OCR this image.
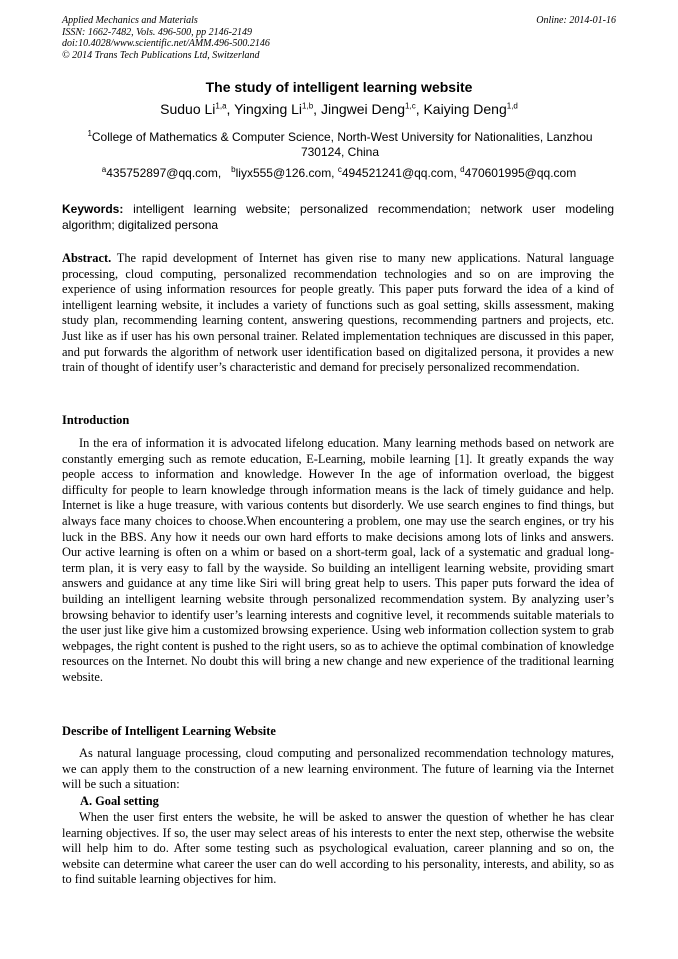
Applied Mechanics and Materials
ISSN: 1662-7482, Vols. 496-500, pp 2146-2149
doi:10.4028/www.scientific.net/AMM.496-500.2146
© 2014 Trans Tech Publications Ltd, Switzerland
Online: 2014-01-16
The study of intelligent learning website
Suduo Li$^{1,a}$, Yingxing Li$^{1,b}$, Jingwei Deng$^{1,c}$, Kaiying Deng$^{1,d}$
$^1$College of Mathematics & Computer Science, North-West University for Nationalities, Lanzhou 730124, China
$^a$435752897@qq.com, $^b$liyx555@126.com, $^c$494521241@qq.com, $^d$470601995@qq.com
Keywords: intelligent learning website; personalized recommendation; network user modeling algorithm; digitalized persona
Abstract. The rapid development of Internet has given rise to many new applications. Natural language processing, cloud computing, personalized recommendation technologies and so on are improving the experience of using information resources for people greatly. This paper puts forward the idea of a kind of intelligent learning website, it includes a variety of functions such as goal setting, skills assessment, making study plan, recommending learning content, answering questions, recommending partners and projects, etc. Just like as if user has his own personal trainer. Related implementation techniques are discussed in this paper, and put forwards the algorithm of network user identification based on digitalized persona, it provides a new train of thought of identify user’s characteristic and demand for precisely personalized recommendation.
Introduction
In the era of information it is advocated lifelong education. Many learning methods based on network are constantly emerging such as remote education, E-Learning, mobile learning [1]. It greatly expands the way people access to information and knowledge. However In the age of information overload, the biggest difficulty for people to learn knowledge through information means is the lack of timely guidance and help. Internet is like a huge treasure, with various contents but disorderly. We use search engines to find things, but always face many choices to choose.When encountering a problem, one may use the search engines, or try his luck in the BBS. Any how it needs our own hard efforts to make decisions among lots of links and answers. Our active learning is often on a whim or based on a short-term goal, lack of a systematic and gradual long-term plan, it is very easy to fall by the wayside. So building an intelligent learning website, providing smart answers and guidance at any time like Siri will bring great help to users. This paper puts forward the idea of building an intelligent learning website through personalized recommendation system. By analyzing user’s browsing behavior to identify user’s learning interests and cognitive level, it recommends suitable materials to the user just like give him a customized browsing experience. Using web information collection system to grab webpages, the right content is pushed to the right users, so as to achieve the optimal combination of knowledge resources on the Internet. No doubt this will bring a new change and new experience of the traditional learning website.
Describe of Intelligent Learning Website
As natural language processing, cloud computing and personalized recommendation technology matures, we can apply them to the construction of a new learning environment. The future of learning via the Internet will be such a situation:
A. Goal setting
When the user first enters the website, he will be asked to answer the question of whether he has clear learning objectives. If so, the user may select areas of his interests to enter the next step, otherwise the website will help him to do. After some testing such as psychological evaluation, career planning and so on, the website can determine what career the user can do well according to his personality, interests, and ability, so as to find suitable learning objectives for him.
